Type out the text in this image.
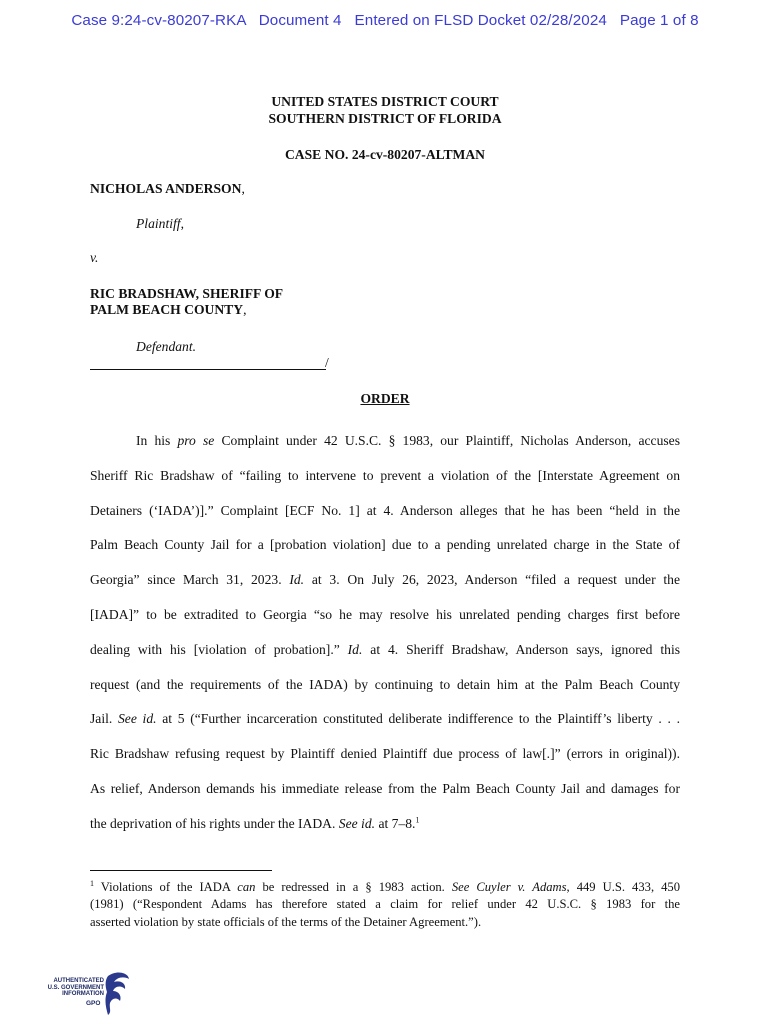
Case 9:24-cv-80207-RKA   Document 4   Entered on FLSD Docket 02/28/2024   Page 1 of 8
UNITED STATES DISTRICT COURT
SOUTHERN DISTRICT OF FLORIDA
CASE NO. 24-cv-80207-ALTMAN
NICHOLAS ANDERSON,
Plaintiff,
v.
RIC BRADSHAW, SHERIFF OF
PALM BEACH COUNTY,
Defendant.
/
ORDER
In his pro se Complaint under 42 U.S.C. § 1983, our Plaintiff, Nicholas Anderson, accuses
Sheriff Ric Bradshaw of “failing to intervene to prevent a violation of the [Interstate Agreement on
Detainers (‘IADA’)].” Complaint [ECF No. 1] at 4. Anderson alleges that he has been “held in the
Palm Beach County Jail for a [probation violation] due to a pending unrelated charge in the State of
Georgia” since March 31, 2023. Id. at 3. On July 26, 2023, Anderson “filed a request under the
[IADA]” to be extradited to Georgia “so he may resolve his unrelated pending charges first before
dealing with his [violation of probation].” Id. at 4. Sheriff Bradshaw, Anderson says, ignored this
request (and the requirements of the IADA) by continuing to detain him at the Palm Beach County
Jail. See id. at 5 (“Further incarceration constituted deliberate indifference to the Plaintiff’s liberty . . .
Ric Bradshaw refusing request by Plaintiff denied Plaintiff due process of law[.]” (errors in original)).
As relief, Anderson demands his immediate release from the Palm Beach County Jail and damages for
the deprivation of his rights under the IADA. See id. at 7–8.$^1$
$^1$ Violations of the IADA can be redressed in a § 1983 action. See Cuyler v. Adams, 449 U.S. 433, 450
(1981) (“Respondent Adams has therefore stated a claim for relief under 42 U.S.C. § 1983 for the
asserted violation by state officials of the terms of the Detainer Agreement.”).
AUTHENTICATED
U.S. GOVERNMENT
INFORMATION
GPO
